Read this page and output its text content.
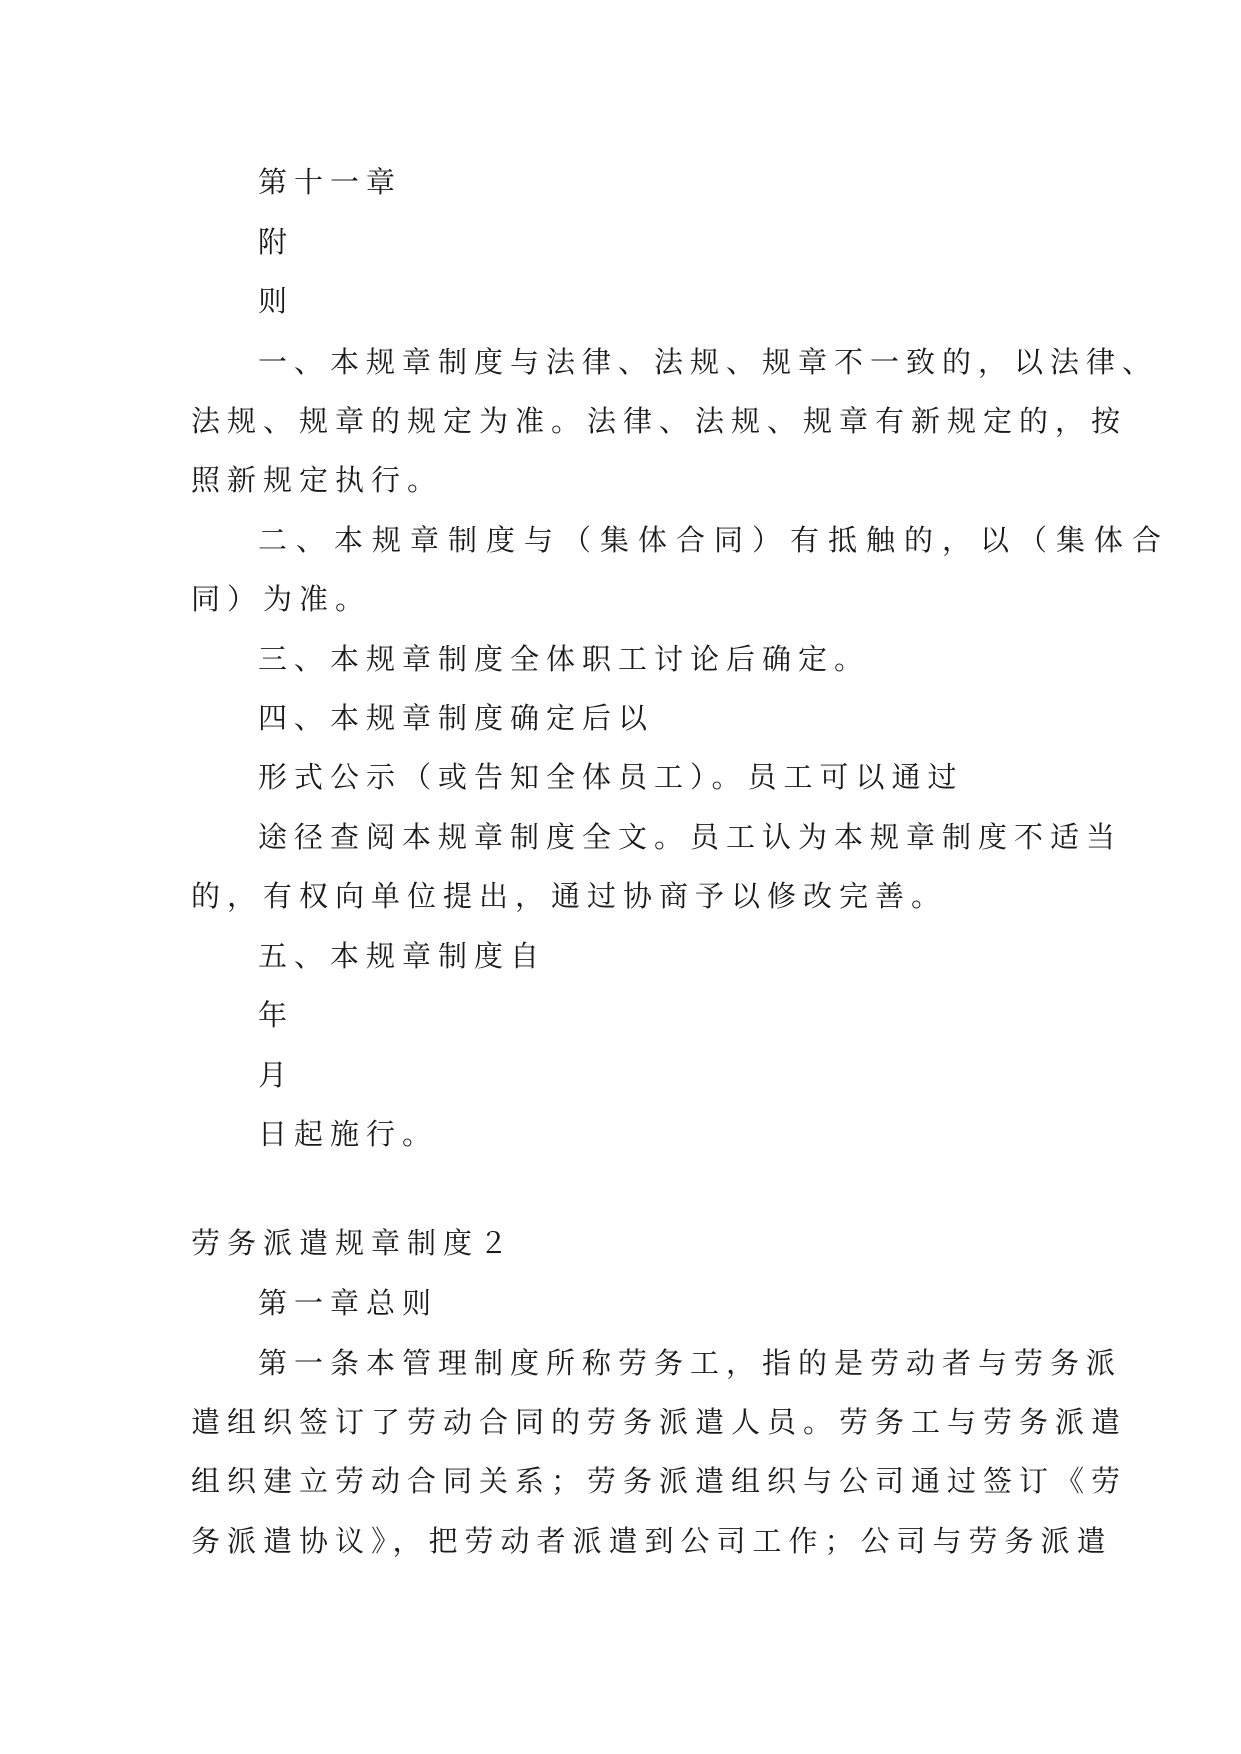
第十一章
附
则
一、本规章制度与法律、法规、规章不一致的，以法律、
法规、规章的规定为准。法律、法规、规章有新规定的，按
照新规定执行。
二、本规章制度与（集体合同）有抵触的，以（集体合
同）为准。
三、本规章制度全体职工讨论后确定。
四、本规章制度确定后以
形式公示（或告知全体员工）。员工可以通过
途径查阅本规章制度全文。员工认为本规章制度不适当
的，有权向单位提出，通过协商予以修改完善。
五、本规章制度自
年
月
日起施行。
劳务派遣规章制度２
第一章总则
第一条本管理制度所称劳务工，指的是劳动者与劳务派
遣组织签订了劳动合同的劳务派遣人员。劳务工与劳务派遣
组织建立劳动合同关系；劳务派遣组织与公司通过签订《劳
务派遣协议》，把劳动者派遣到公司工作；公司与劳务派遣
